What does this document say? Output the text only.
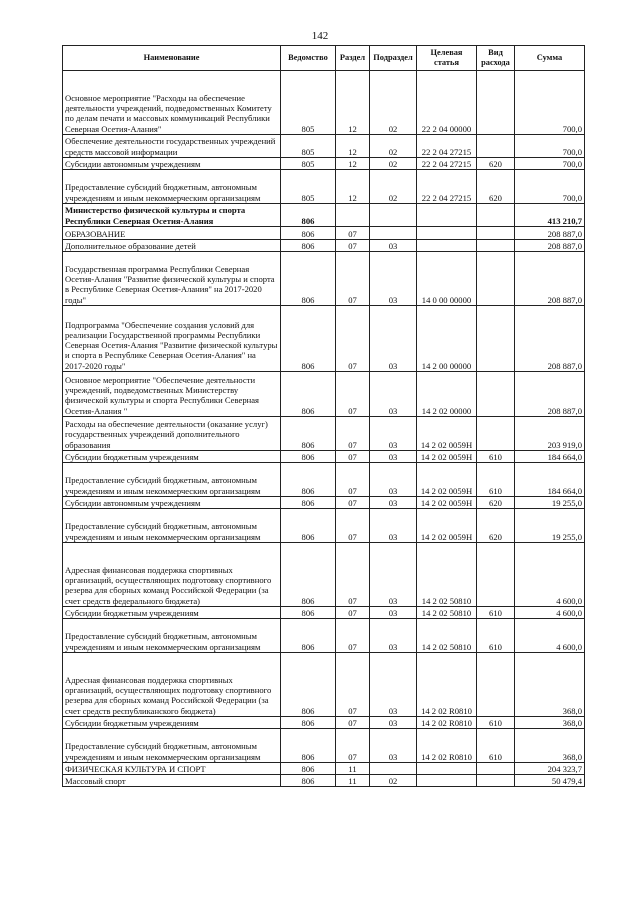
142
Наименование	Ведомство	Раздел	Подраздел	Целевая статья	Вид расхода	Сумма
Основное мероприятие "Расходы на обеспечение деятельности учреждений, подведомственных Комитету по делам печати и массовых коммуникаций Республики Северная Осетия-Алания"	805	12	02	22 2 04 00000		700,0
Обеспечение деятельности государственных учреждений средств массовой информации	805	12	02	22 2 04 27215		700,0
Субсидии автономным учреждениям	805	12	02	22 2 04 27215	620	700,0
Предоставление субсидий бюджетным, автономным учреждениям и иным некоммерческим организациям	805	12	02	22 2 04 27215	620	700,0
Министерство физической культуры и спорта Республики Северная Осетия-Алания	806					413 210,7
ОБРАЗОВАНИЕ	806	07				208 887,0
Дополнительное образование детей	806	07	03			208 887,0
Государственная программа Республики Северная Осетия-Алания "Развитие физической культуры и спорта в Республике Северная Осетия-Алания" на 2017-2020 годы"	806	07	03	14 0 00 00000		208 887,0
Подпрограмма "Обеспечение создания условий для реализации Государственной программы Республики Северная Осетия-Алания "Развитие физической культуры и спорта в Республике Северная Осетия-Алания" на 2017-2020 годы"	806	07	03	14 2 00 00000		208 887,0
Основное мероприятие "Обеспечение деятельности учреждений, подведомственных Министерству физической культуры и спорта Республики Северная Осетия-Алания "	806	07	03	14 2 02 00000		208 887,0
Расходы на обеспечение деятельности (оказание услуг) государственных учреждений дополнительного образования	806	07	03	14 2 02 0059Н		203 919,0
Субсидии бюджетным учреждениям	806	07	03	14 2 02 0059Н	610	184 664,0
Предоставление субсидий бюджетным, автономным учреждениям и иным некоммерческим организациям	806	07	03	14 2 02 0059Н	610	184 664,0
Субсидии автономным учреждениям	806	07	03	14 2 02 0059Н	620	19 255,0
Предоставление субсидий бюджетным, автономным учреждениям и иным некоммерческим организациям	806	07	03	14 2 02 0059Н	620	19 255,0
Адресная финансовая поддержка спортивных организаций, осуществляющих подготовку спортивного резерва для сборных команд Российской Федерации (за счет средств федерального бюджета)	806	07	03	14 2 02 50810		4 600,0
Субсидии бюджетным учреждениям	806	07	03	14 2 02 50810	610	4 600,0
Предоставление субсидий бюджетным, автономным учреждениям и иным некоммерческим организациям	806	07	03	14 2 02 50810	610	4 600,0
Адресная финансовая поддержка спортивных организаций, осуществляющих подготовку спортивного резерва для сборных команд Российской Федерации (за счет средств республиканского бюджета)	806	07	03	14 2 02 R0810		368,0
Субсидии бюджетным учреждениям	806	07	03	14 2 02 R0810	610	368,0
Предоставление субсидий бюджетным, автономным учреждениям и иным некоммерческим организациям	806	07	03	14 2 02 R0810	610	368,0
ФИЗИЧЕСКАЯ КУЛЬТУРА И СПОРТ	806	11				204 323,7
Массовый спорт	806	11	02			50 479,4
